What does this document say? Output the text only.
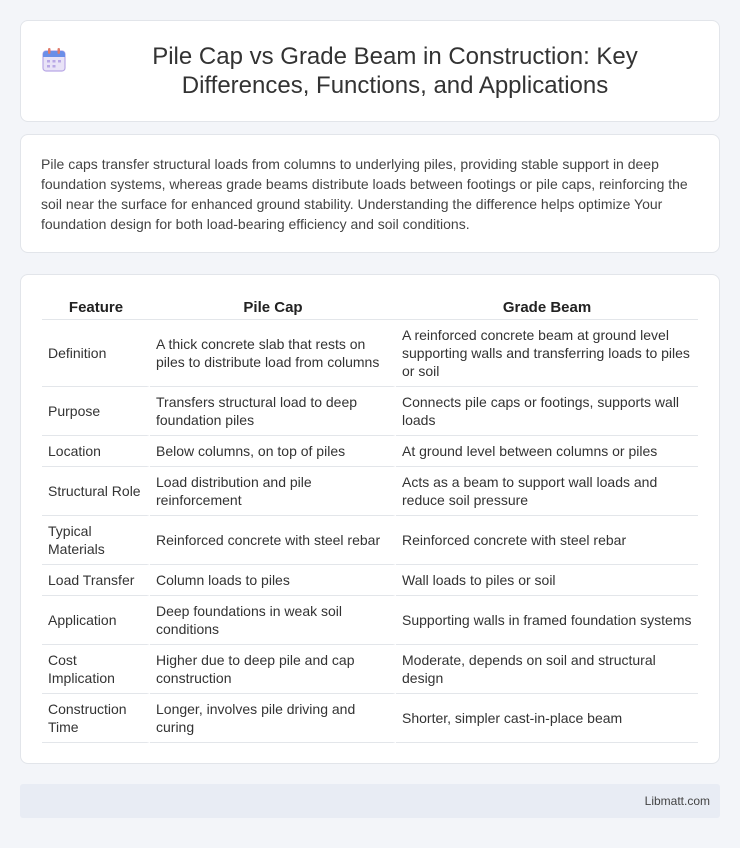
Pile Cap vs Grade Beam in Construction: Key Differences, Functions, and Applications

Pile caps transfer structural loads from columns to underlying piles, providing stable support in deep foundation systems, whereas grade beams distribute loads between footings or pile caps, reinforcing the soil near the surface for enhanced ground stability. Understanding the difference helps optimize Your foundation design for both load-bearing efficiency and soil conditions.

Feature	Pile Cap	Grade Beam
Definition	A thick concrete slab that rests on piles to distribute load from columns	A reinforced concrete beam at ground level supporting walls and transferring loads to piles or soil
Purpose	Transfers structural load to deep foundation piles	Connects pile caps or footings, supports wall loads
Location	Below columns, on top of piles	At ground level between columns or piles
Structural Role	Load distribution and pile reinforcement	Acts as a beam to support wall loads and reduce soil pressure
Typical Materials	Reinforced concrete with steel rebar	Reinforced concrete with steel rebar
Load Transfer	Column loads to piles	Wall loads to piles or soil
Application	Deep foundations in weak soil conditions	Supporting walls in framed foundation systems
Cost Implication	Higher due to deep pile and cap construction	Moderate, depends on soil and structural design
Construction Time	Longer, involves pile driving and curing	Shorter, simpler cast-in-place beam
Libmatt.com
